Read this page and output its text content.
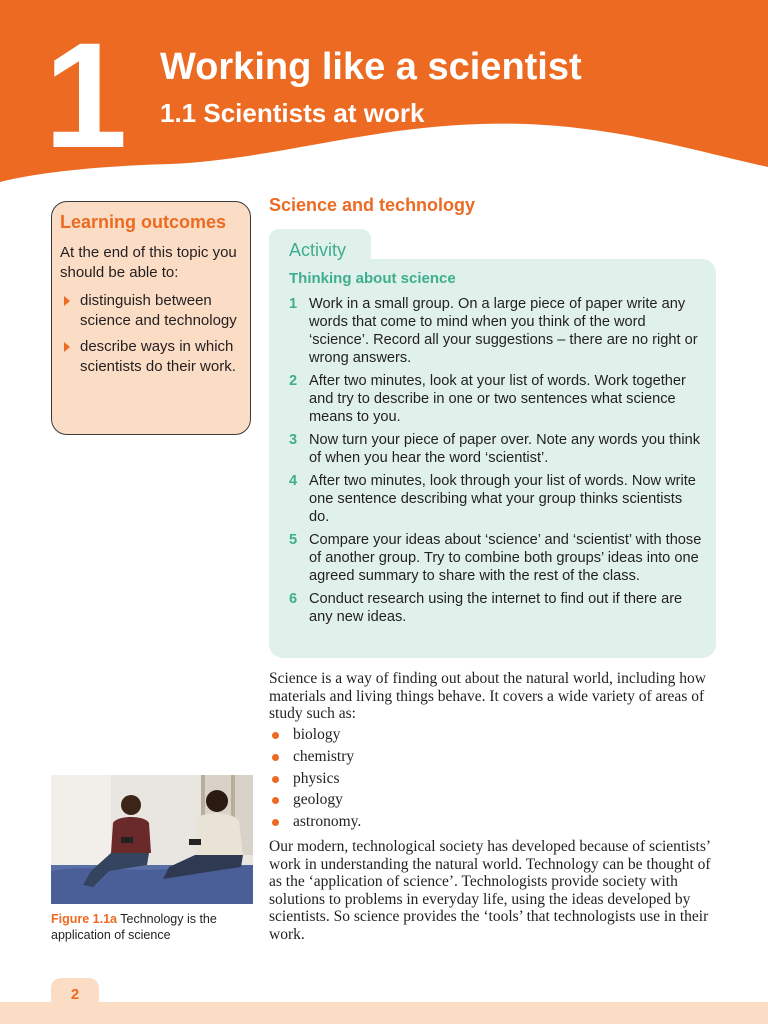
1 Working like a scientist
1.1 Scientists at work
Learning outcomes
At the end of this topic you should be able to:
distinguish between science and technology
describe ways in which scientists do their work.
Science and technology
Activity
Thinking about science
1 Work in a small group. On a large piece of paper write any words that come to mind when you think of the word ‘science’. Record all your suggestions – there are no right or wrong answers.
2 After two minutes, look at your list of words. Work together and try to describe in one or two sentences what science means to you.
3 Now turn your piece of paper over. Note any words you think of when you hear the word ‘scientist’.
4 After two minutes, look through your list of words. Now write one sentence describing what your group thinks scientists do.
5 Compare your ideas about ‘science’ and ‘scientist’ with those of another group. Try to combine both groups’ ideas into one agreed summary to share with the rest of the class.
6 Conduct research using the internet to find out if there are any new ideas.
Science is a way of finding out about the natural world, including how materials and living things behave. It covers a wide variety of areas of study such as:
biology
chemistry
physics
geology
astronomy.
Our modern, technological society has developed because of scientists’ work in understanding the natural world. Technology can be thought of as the ‘application of science’. Technologists provide society with solutions to problems in everyday life, using the ideas developed by scientists. So science provides the ‘tools’ that technologists use in their work.
Figure 1.1a Technology is the application of science
2
